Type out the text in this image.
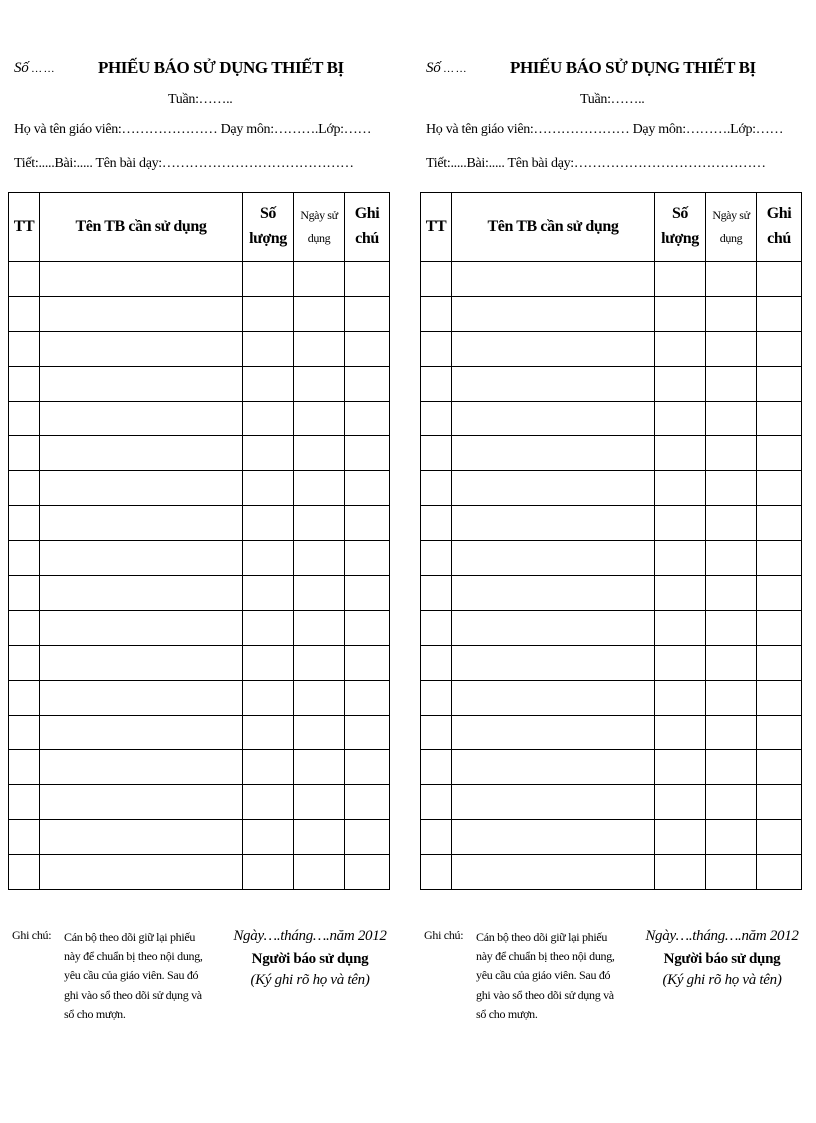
Số … …	PHIẾU BÁO SỬ DỤNG THIẾT BỊ
Tuần:……..
Họ và tên giáo viên:………………… Dạy môn:……….Lớp:……
Tiết:.....Bài:..... Tên bài dạy:……………………………………
TT	Tên TB cần sử dụng	Số lượng	Ngày sử dụng	Ghi chú

Ghi chú: Cán bộ theo dõi giữ lại phiếu này để chuẩn bị theo nội dung, yêu cầu của giáo viên. Sau đó ghi vào sổ theo dõi sử dụng và sổ cho mượn.
Ngày….tháng….năm 2012
Người báo sử dụng
(Ký ghi rõ họ và tên)
Số … …	PHIẾU BÁO SỬ DỤNG THIẾT BỊ
Tuần:……..
Họ và tên giáo viên:………………… Dạy môn:……….Lớp:……
Tiết:.....Bài:..... Tên bài dạy:……………………………………
TT	Tên TB cần sử dụng	Số lượng	Ngày sử dụng	Ghi chú

Ghi chú: Cán bộ theo dõi giữ lại phiếu này để chuẩn bị theo nội dung, yêu cầu của giáo viên. Sau đó ghi vào sổ theo dõi sử dụng và sổ cho mượn.
Ngày….tháng….năm 2012
Người báo sử dụng
(Ký ghi rõ họ và tên)
